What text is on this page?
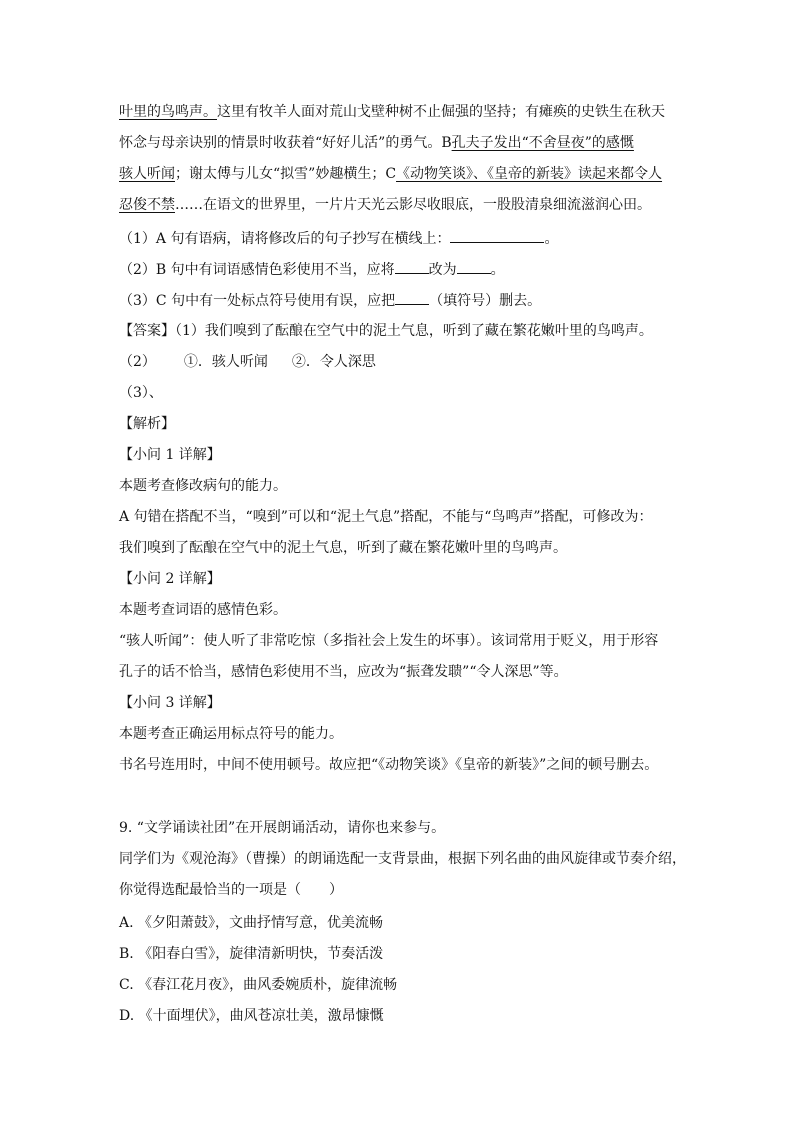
叶里的鸟鸣声。这里有牧羊人面对荒山戈壁种树不止倔强的坚持；有瘫痪的史铁生在秋天
怀念与母亲诀别的情景时收获着“好好儿活”的勇气。B孔夫子发出“不舍昼夜”的感慨
骇人听闻；谢太傅与儿女“拟雪”妙趣横生；C《动物笑谈》、《皇帝的新装》读起来都令人
忍俊不禁……在语文的世界里，一片片天光云影尽收眼底，一股股清泉细流滋润心田。
（1）A 句有语病，请将修改后的句子抄写在横线上：	。
（2）B 句中有词语感情色彩使用不当，应将 改为 。
（3）C 句中有一处标点符号使用有误，应把 （填符号）删去。
【答案】（1）我们嗅到了酝酿在空气中的泥土气息，听到了藏在繁花嫩叶里的鸟鸣声。
（2） ①．骇人听闻 ②．令人深思
（3）、
【解析】
【小问 1 详解】
本题考查修改病句的能力。
A 句错在搭配不当，“嗅到”可以和“泥土气息”搭配，不能与“鸟鸣声”搭配，可修改为：
我们嗅到了酝酿在空气中的泥土气息，听到了藏在繁花嫩叶里的鸟鸣声。
【小问 2 详解】
本题考查词语的感情色彩。
“骇人听闻”：使人听了非常吃惊（多指社会上发生的坏事）。该词常用于贬义，用于形容
孔子的话不恰当，感情色彩使用不当，应改为“振聋发聩”“令人深思”等。
【小问 3 详解】
本题考查正确运用标点符号的能力。
书名号连用时，中间不使用顿号。故应把“《动物笑谈》《皇帝的新装》”之间的顿号删去。
9. “文学诵读社团”在开展朗诵活动，请你也来参与。
同学们为《观沧海》（曹操）的朗诵选配一支背景曲，根据下列名曲的曲风旋律或节奏介绍，
你觉得选配最恰当的一项是（　　）
A. 《夕阳萧鼓》，文曲抒情写意，优美流畅
B. 《阳春白雪》，旋律清新明快，节奏活泼
C. 《春江花月夜》，曲风委婉质朴，旋律流畅
D. 《十面埋伏》，曲风苍凉壮美，激昂慷慨
